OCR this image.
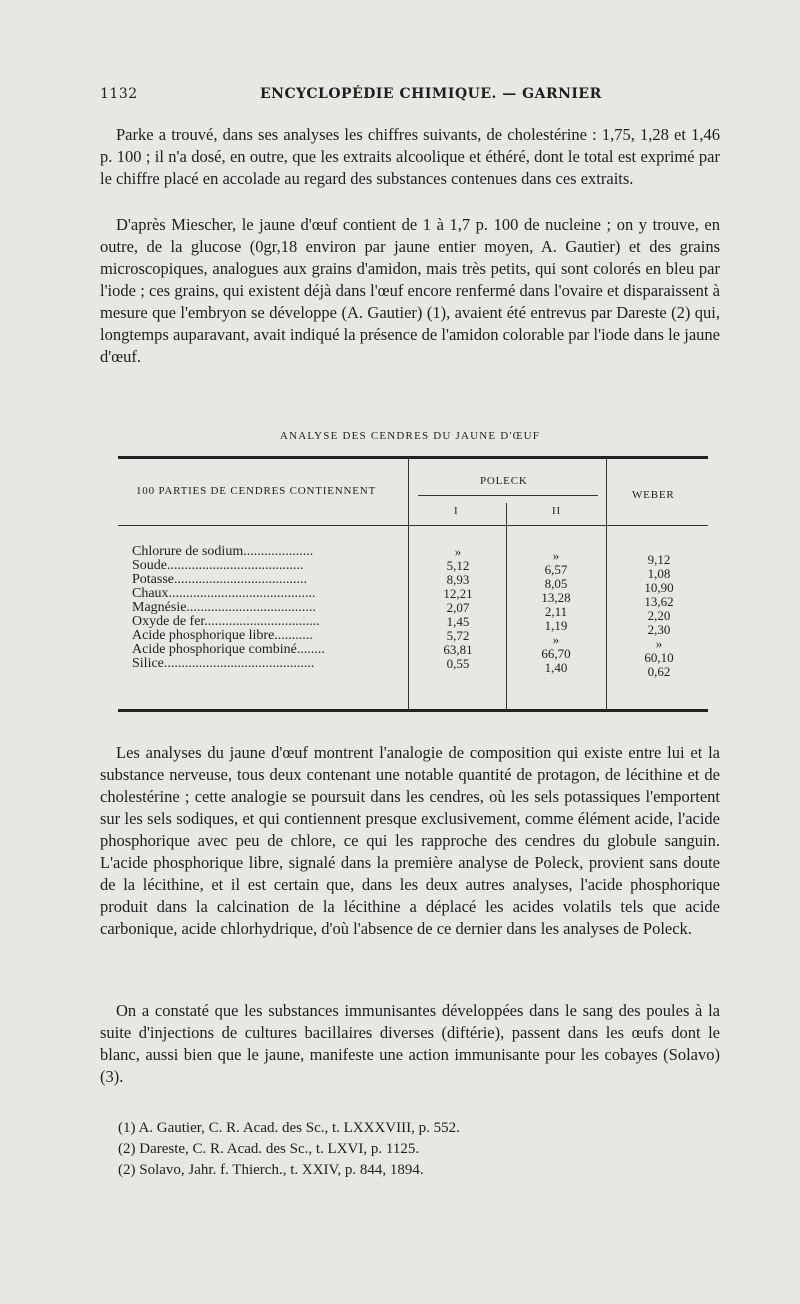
1132	ENCYCLOPÉDIE CHIMIQUE. — GARNIER

Parke a trouvé, dans ses analyses les chiffres suivants, de cholestérine : 1,75, 1,28 et 1,46 p. 100 ; il n'a dosé, en outre, que les extraits alcoolique et éthéré, dont le total est exprimé par le chiffre placé en accolade au regard des substances contenues dans ces extraits.

D'après Miescher, le jaune d'œuf contient de 1 à 1,7 p. 100 de nucleine ; on y trouve, en outre, de la glucose (0gr,18 environ par jaune entier moyen, A. Gautier) et des grains microscopiques, analogues aux grains d'amidon, mais très petits, qui sont colorés en bleu par l'iode ; ces grains, qui existent déjà dans l'œuf encore renfermé dans l'ovaire et disparaissent à mesure que l'embryon se développe (A. Gautier) (1), avaient été entrevus par Dareste (2) qui, longtemps auparavant, avait indiqué la présence de l'amidon colorable par l'iode dans le jaune d'œuf.

ANALYSE DES CENDRES DU JAUNE D'ŒUF
100 PARTIES DE CENDRES CONTIENNENT
POLECK
I	II
WEBER
Chlorure de sodium....................
Soude.......................................
Potasse......................................
Chaux..........................................
Magnésie.....................................
Oxyde de fer.................................
Acide phosphorique libre...........
Acide phosphorique combiné........
Silice...........................................
»
5,12
8,93
12,21
2,07
1,45
5,72
63,81
0,55
»
6,57
8,05
13,28
2,11
1,19
»
66,70
1,40
9,12
1,08
10,90
13,62
2,20
2,30
»
60,10
0,62

Les analyses du jaune d'œuf montrent l'analogie de composition qui existe entre lui et la substance nerveuse, tous deux contenant une notable quantité de protagon, de lécithine et de cholestérine ; cette analogie se poursuit dans les cendres, où les sels potassiques l'emportent sur les sels sodiques, et qui contiennent presque exclusivement, comme élément acide, l'acide phosphorique avec peu de chlore, ce qui les rapproche des cendres du globule sanguin. L'acide phosphorique libre, signalé dans la première analyse de Poleck, provient sans doute de la lécithine, et il est certain que, dans les deux autres analyses, l'acide phosphorique produit dans la calcination de la lécithine a déplacé les acides volatils tels que acide carbonique, acide chlorhydrique, d'où l'absence de ce dernier dans les analyses de Poleck.

On a constaté que les substances immunisantes développées dans le sang des poules à la suite d'injections de cultures bacillaires diverses (diftérie), passent dans les œufs dont le blanc, aussi bien que le jaune, manifeste une action immunisante pour les cobayes (Solavo) (3).

(1) A. Gautier, C. R. Acad. des Sc., t. LXXXVIII, p. 552.
(2) Dareste, C. R. Acad. des Sc., t. LXVI, p. 1125.
(2) Solavo, Jahr. f. Thierch., t. XXIV, p. 844, 1894.
